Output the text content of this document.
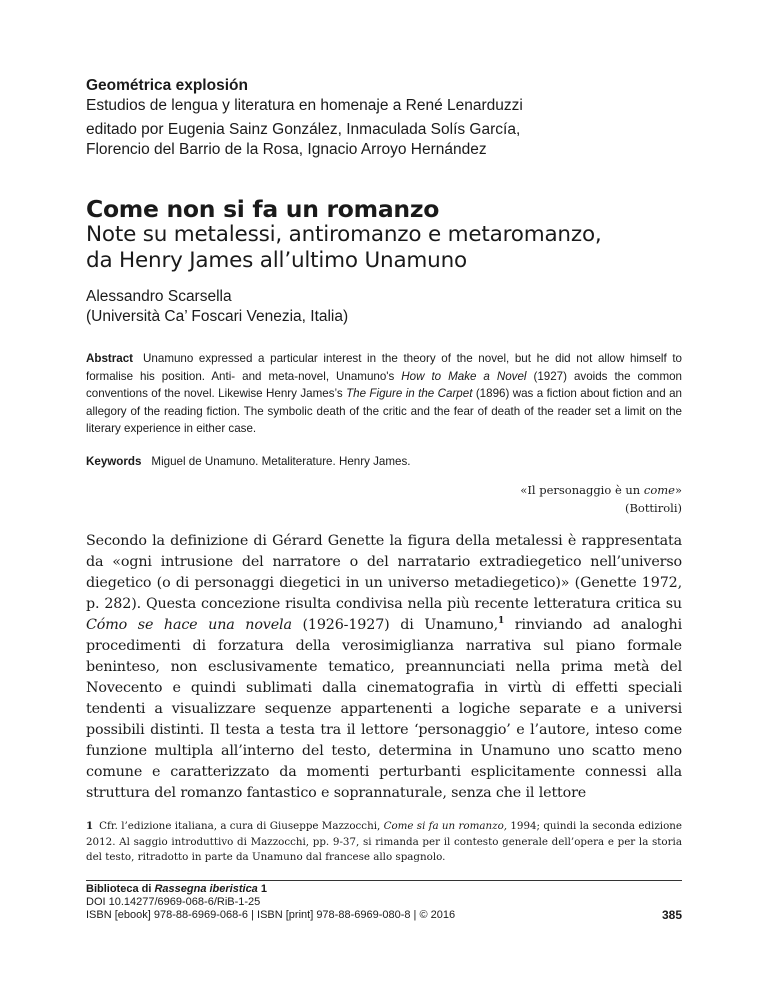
Geométrica explosión
Estudios de lengua y literatura en homenaje a René Lenarduzzi
editado por Eugenia Sainz González, Inmaculada Solís García,
Florencio del Barrio de la Rosa, Ignacio Arroyo Hernández
Come non si fa un romanzo
Note su metalessi, antiromanzo e metaromanzo,
da Henry James all’ultimo Unamuno
Alessandro Scarsella
(Università Ca’ Foscari Venezia, Italia)
Abstract Unamuno expressed a particular interest in the theory of the novel, but he did not allow himself to formalise his position. Anti- and meta-novel, Unamuno's How to Make a Novel (1927) avoids the common conventions of the novel. Likewise Henry James’s The Figure in the Carpet (1896) was a fiction about fiction and an allegory of the reading fiction. The symbolic death of the critic and the fear of death of the reader set a limit on the literary experience in either case.
Keywords Miguel de Unamuno. Metaliterature. Henry James.
«Il personaggio è un come»
(Bottiroli)
Secondo la definizione di Gérard Genette la figura della metalessi è rappresentata da «ogni intrusione del narratore o del narratario extradiegetico nell’universo diegetico (o di personaggi diegetici in un universo metadiegetico)» (Genette 1972, p. 282). Questa concezione risulta condivisa nella più recente letteratura critica su Cómo se hace una novela (1926-1927) di Unamuno,$^1$ rinviando ad analoghi procedimenti di forzatura della verosimiglianza narrativa sul piano formale beninteso, non esclusivamente tematico, preannunciati nella prima metà del Novecento e quindi sublimati dalla cinematografia in virtù di effetti speciali tendenti a visualizzare sequenze appartenenti a logiche separate e a universi possibili distinti. Il testa a testa tra il lettore ‘personaggio’ e l’autore, inteso come funzione multipla all’interno del testo, determina in Unamuno uno scatto meno comune e caratterizzato da momenti perturbanti esplicitamente connessi alla struttura del romanzo fantastico e soprannaturale, senza che il lettore
1 Cfr. l’edizione italiana, a cura di Giuseppe Mazzocchi, Come si fa un romanzo, 1994; quindi la seconda edizione 2012. Al saggio introduttivo di Mazzocchi, pp. 9-37, si rimanda per il contesto generale dell’opera e per la storia del testo, ritradotto in parte da Unamuno dal francese allo spagnolo.
Biblioteca di Rassegna iberistica 1
DOI 10.14277/6969-068-6/RiB-1-25
ISBN [ebook] 978-88-6969-068-6 | ISBN [print] 978-88-6969-080-8 | © 2016	385
